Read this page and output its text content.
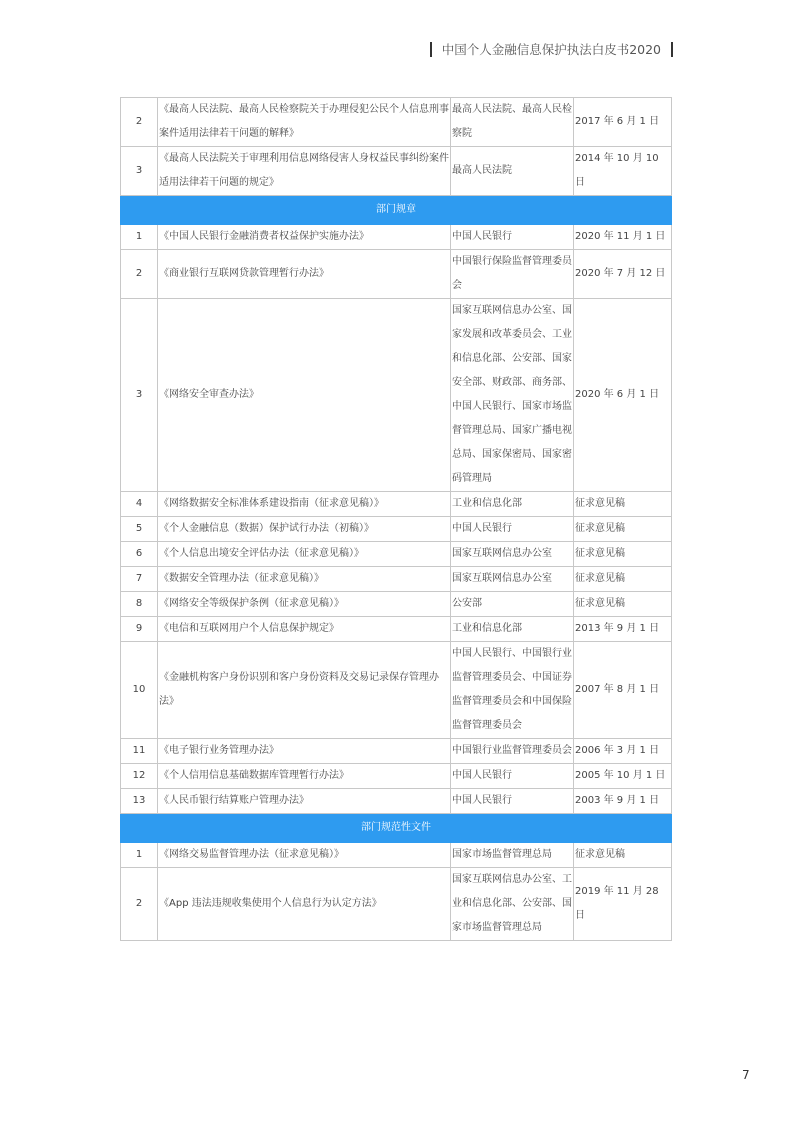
中国个人金融信息保护执法白皮书2020
2	《最高人民法院、最高人民检察院关于办理侵犯公民个人信息刑事案件适用法律若干问题的解释》	最高人民法院、最高人民检察院	2017 年 6 月 1 日
3	《最高人民法院关于审理利用信息网络侵害人身权益民事纠纷案件适用法律若干问题的规定》	最高人民法院	2014 年 10 月 10 日
部门规章			
1	《中国人民银行金融消费者权益保护实施办法》	中国人民银行	2020 年 11 月 1 日
2	《商业银行互联网贷款管理暂行办法》	中国银行保险监督管理委员会	2020 年 7 月 12 日
3	《网络安全审查办法》	国家互联网信息办公室、国家发展和改革委员会、工业和信息化部、公安部、国家安全部、财政部、商务部、中国人民银行、国家市场监督管理总局、国家广播电视总局、国家保密局、国家密码管理局	2020 年 6 月 1 日
4	《网络数据安全标准体系建设指南（征求意见稿）》	工业和信息化部	征求意见稿
5	《个人金融信息（数据）保护试行办法（初稿）》	中国人民银行	征求意见稿
6	《个人信息出境安全评估办法（征求意见稿）》	国家互联网信息办公室	征求意见稿
7	《数据安全管理办法（征求意见稿）》	国家互联网信息办公室	征求意见稿
8	《网络安全等级保护条例（征求意见稿）》	公安部	征求意见稿
9	《电信和互联网用户个人信息保护规定》	工业和信息化部	2013 年 9 月 1 日
10	《金融机构客户身份识别和客户身份资料及交易记录保存管理办法》	中国人民银行、中国银行业监督管理委员会、中国证券监督管理委员会和中国保险监督管理委员会	2007 年 8 月 1 日
11	《电子银行业务管理办法》	中国银行业监督管理委员会	2006 年 3 月 1 日
12	《个人信用信息基础数据库管理暂行办法》	中国人民银行	2005 年 10 月 1 日
13	《人民币银行结算账户管理办法》	中国人民银行	2003 年 9 月 1 日
部门规范性文件			
1	《网络交易监督管理办法（征求意见稿）》	国家市场监督管理总局	征求意见稿
2	《App 违法违规收集使用个人信息行为认定方法》	国家互联网信息办公室、工业和信息化部、公安部、国家市场监督管理总局	2019 年 11 月 28 日
7
